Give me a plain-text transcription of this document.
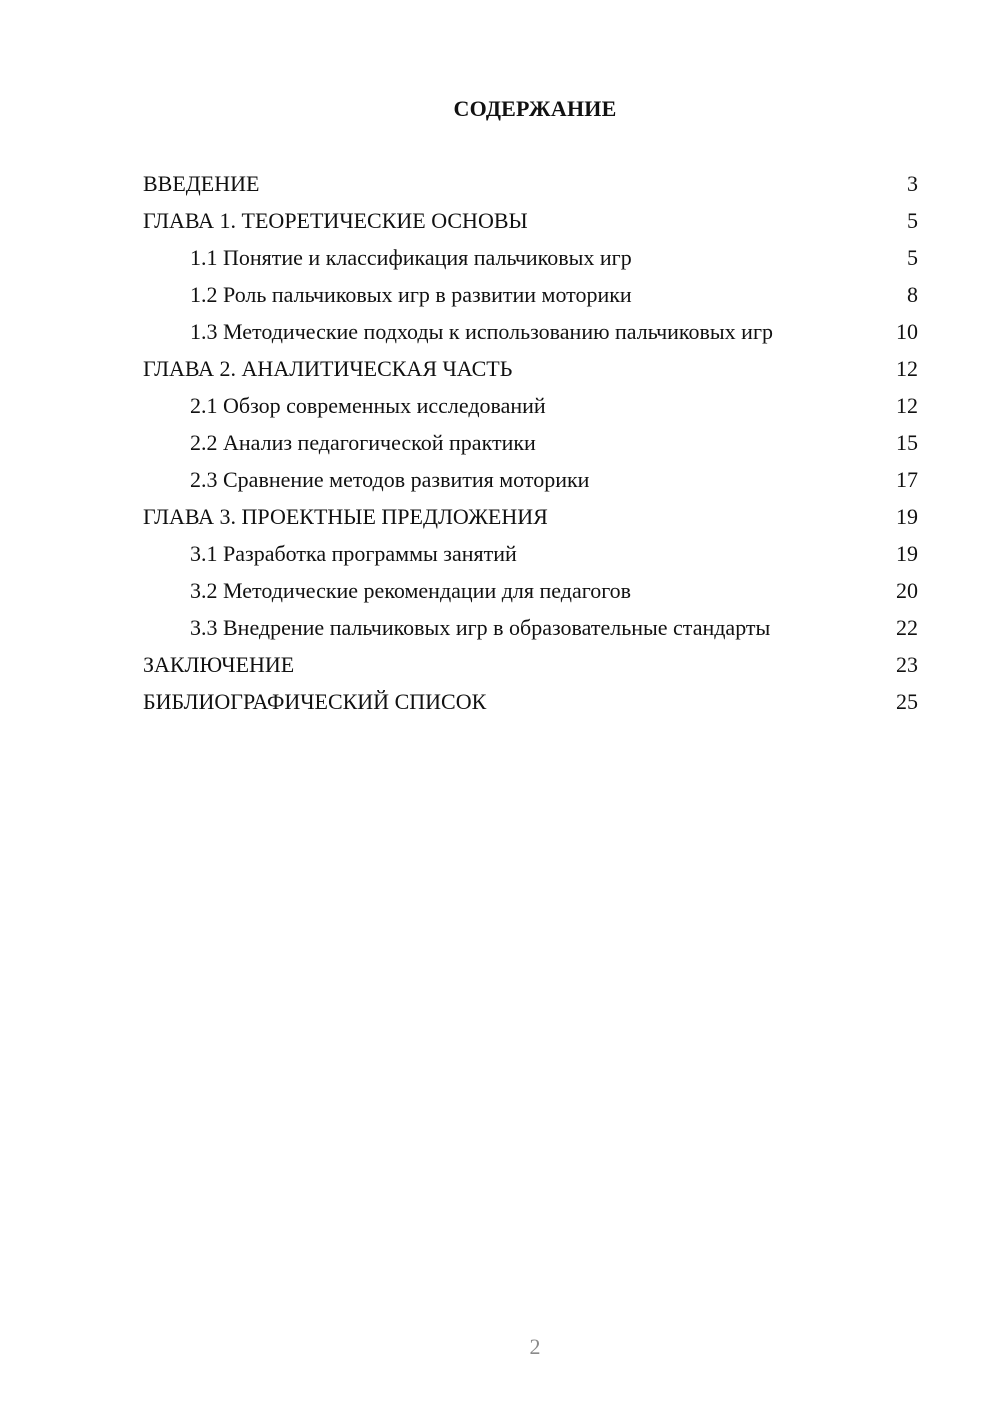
СОДЕРЖАНИЕ
ВВЕДЕНИЕ	3
ГЛАВА 1. ТЕОРЕТИЧЕСКИЕ ОСНОВЫ	5
1.1 Понятие и классификация пальчиковых игр	5
1.2 Роль пальчиковых игр в развитии моторики	8
1.3 Методические подходы к использованию пальчиковых игр	10
ГЛАВА 2. АНАЛИТИЧЕСКАЯ ЧАСТЬ	12
2.1 Обзор современных исследований	12
2.2 Анализ педагогической практики	15
2.3 Сравнение методов развития моторики	17
ГЛАВА 3. ПРОЕКТНЫЕ ПРЕДЛОЖЕНИЯ	19
3.1 Разработка программы занятий	19
3.2 Методические рекомендации для педагогов	20
3.3 Внедрение пальчиковых игр в образовательные стандарты	22
ЗАКЛЮЧЕНИЕ	23
БИБЛИОГРАФИЧЕСКИЙ СПИСОК	25
2
